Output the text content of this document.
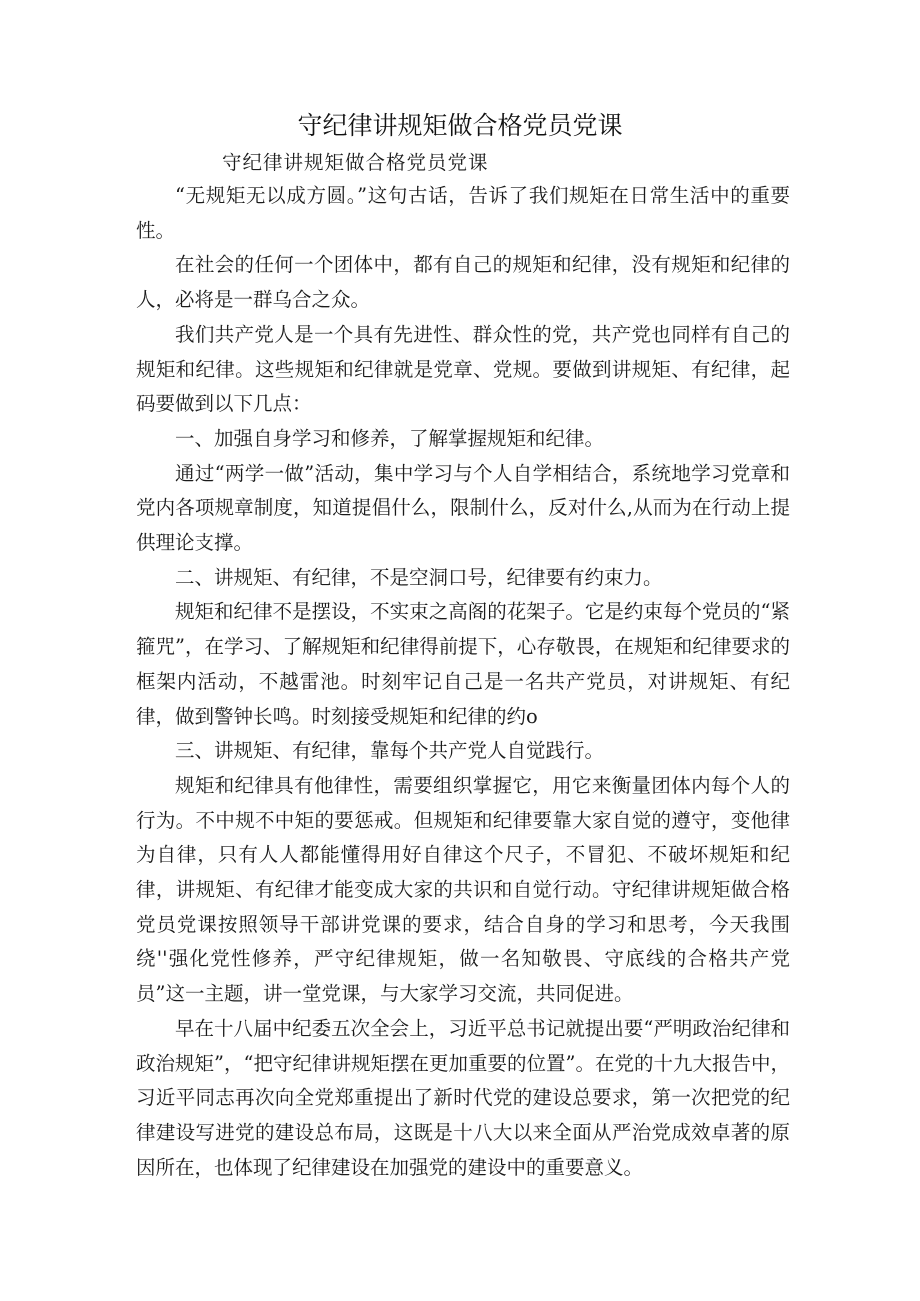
守纪律讲规矩做合格党员党课
守纪律讲规矩做合格党员党课

“无规矩无以成方圆。”这句古话，告诉了我们规矩在日常生活中的重要性。

在社会的任何一个团体中，都有自己的规矩和纪律，没有规矩和纪律的人，必将是一群乌合之众。

我们共产党人是一个具有先进性、群众性的党，共产党也同样有自己的规矩和纪律。这些规矩和纪律就是党章、党规。要做到讲规矩、有纪律，起码要做到以下几点：

一、加强自身学习和修养，了解掌握规矩和纪律。

通过“两学一做”活动，集中学习与个人自学相结合，系统地学习党章和党内各项规章制度，知道提倡什么，限制什么，反对什么,从而为在行动上提供理论支撑。

二、讲规矩、有纪律，不是空洞口号，纪律要有约束力。

规矩和纪律不是摆设，不实束之高阁的花架子。它是约束每个党员的“紧箍咒”，在学习、了解规矩和纪律得前提下，心存敬畏，在规矩和纪律要求的框架内活动，不越雷池。时刻牢记自己是一名共产党员，对讲规矩、有纪律，做到警钟长鸣。时刻接受规矩和纪律的约o

三、讲规矩、有纪律，靠每个共产党人自觉践行。

规矩和纪律具有他律性，需要组织掌握它，用它来衡量团体内每个人的行为。不中规不中矩的要惩戒。但规矩和纪律要靠大家自觉的遵守，变他律为自律，只有人人都能懂得用好自律这个尺子，不冒犯、不破坏规矩和纪律，讲规矩、有纪律才能变成大家的共识和自觉行动。守纪律讲规矩做合格党员党课按照领导干部讲党课的要求，结合自身的学习和思考，今天我围绕''强化党性修养，严守纪律规矩，做一名知敬畏、守底线的合格共产党员”这一主题，讲一堂党课，与大家学习交流，共同促进。

早在十八届中纪委五次全会上，习近平总书记就提出要“严明政治纪律和政治规矩”，“把守纪律讲规矩摆在更加重要的位置”。在党的十九大报告中，习近平同志再次向全党郑重提出了新时代党的建设总要求，第一次把党的纪律建设写进党的建设总布局，这既是十八大以来全面从严治党成效卓著的原因所在，也体现了纪律建设在加强党的建设中的重要意义。
